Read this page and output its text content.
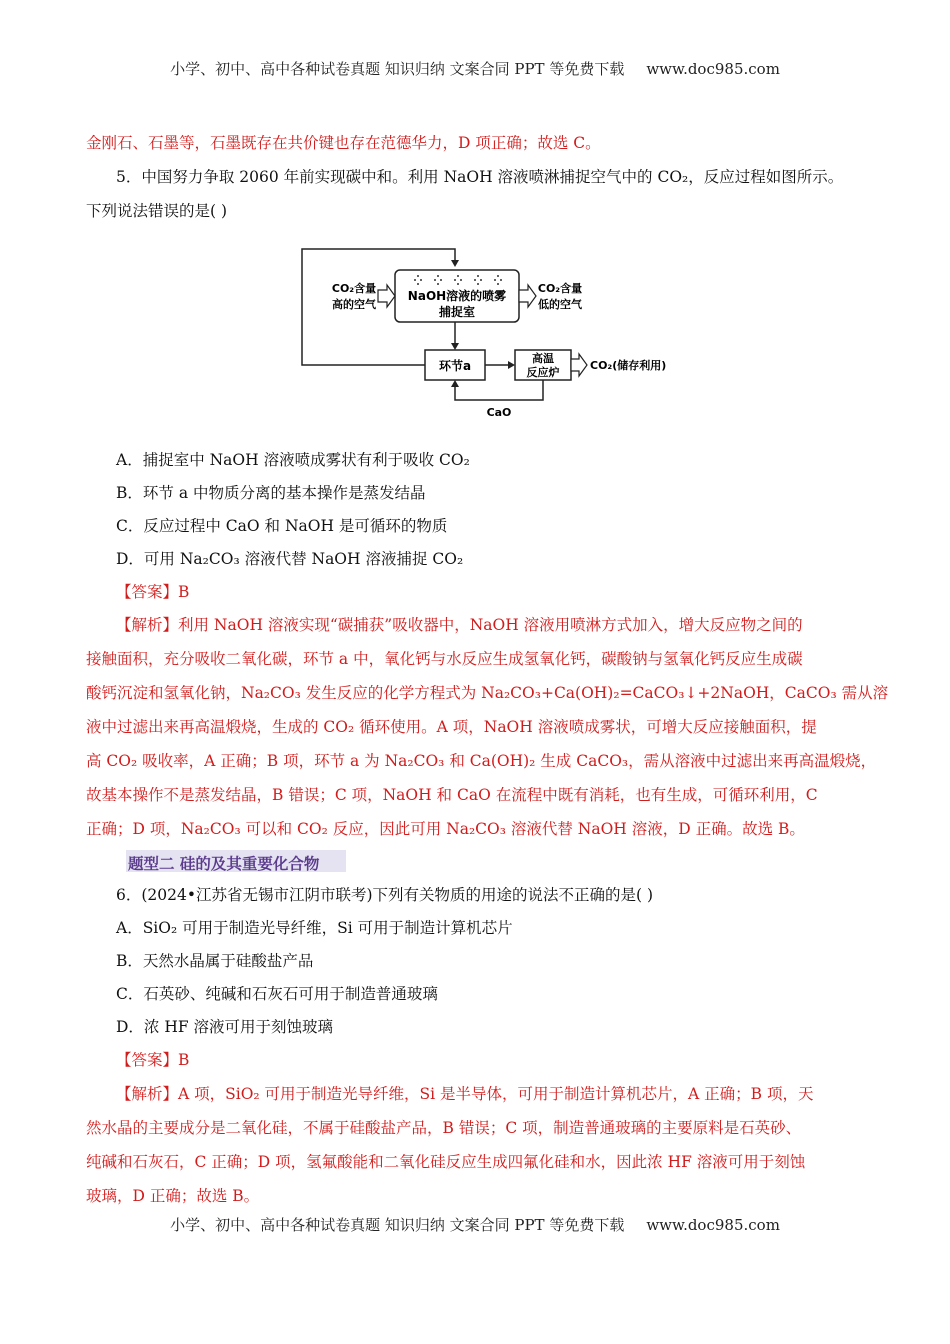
小学、初中、高中各种试卷真题 知识归纳 文案合同 PPT 等免费下载 www.doc985.com
金刚石、石墨等，石墨既存在共价键也存在范德华力，D 项正确；故选 C。
5．中国努力争取 2060 年前实现碳中和。利用 NaOH 溶液喷淋捕捉空气中的 CO₂，反应过程如图所示。
下列说法错误的是( )
NaOH溶液的喷雾
捕捉室
CO₂含量
高的空气
CO₂含量
低的空气
环节a
高温
反应炉
CO₂(储存利用)
CaO
A．捕捉室中 NaOH 溶液喷成雾状有利于吸收 CO₂
B．环节 a 中物质分离的基本操作是蒸发结晶
C．反应过程中 CaO 和 NaOH 是可循环的物质
D．可用 Na₂CO₃ 溶液代替 NaOH 溶液捕捉 CO₂
【答案】B
【解析】利用 NaOH 溶液实现“碳捕获”吸收器中，NaOH 溶液用喷淋方式加入，增大反应物之间的
接触面积，充分吸收二氧化碳，环节 a 中，氧化钙与水反应生成氢氧化钙，碳酸钠与氢氧化钙反应生成碳
酸钙沉淀和氢氧化钠，Na₂CO₃ 发生反应的化学方程式为 Na₂CO₃+Ca(OH)₂=CaCO₃↓+2NaOH，CaCO₃ 需从溶
液中过滤出来再高温煅烧，生成的 CO₂ 循环使用。A 项，NaOH 溶液喷成雾状，可增大反应接触面积，提
高 CO₂ 吸收率，A 正确；B 项，环节 a 为 Na₂CO₃ 和 Ca(OH)₂ 生成 CaCO₃，需从溶液中过滤出来再高温煅烧，
故基本操作不是蒸发结晶，B 错误；C 项，NaOH 和 CaO 在流程中既有消耗，也有生成，可循环利用，C
正确；D 项，Na₂CO₃ 可以和 CO₂ 反应，因此可用 Na₂CO₃ 溶液代替 NaOH 溶液，D 正确。故选 B。
题型二 硅的及其重要化合物
6．(2024•江苏省无锡市江阴市联考)下列有关物质的用途的说法不正确的是( )
A．SiO₂ 可用于制造光导纤维，Si 可用于制造计算机芯片
B．天然水晶属于硅酸盐产品
C．石英砂、纯碱和石灰石可用于制造普通玻璃
D．浓 HF 溶液可用于刻蚀玻璃
【答案】B
【解析】A 项，SiO₂ 可用于制造光导纤维，Si 是半导体，可用于制造计算机芯片，A 正确；B 项，天
然水晶的主要成分是二氧化硅，不属于硅酸盐产品，B 错误；C 项，制造普通玻璃的主要原料是石英砂、
纯碱和石灰石，C 正确；D 项，氢氟酸能和二氧化硅反应生成四氟化硅和水，因此浓 HF 溶液可用于刻蚀
玻璃，D 正确；故选 B。
小学、初中、高中各种试卷真题 知识归纳 文案合同 PPT 等免费下载 www.doc985.com
